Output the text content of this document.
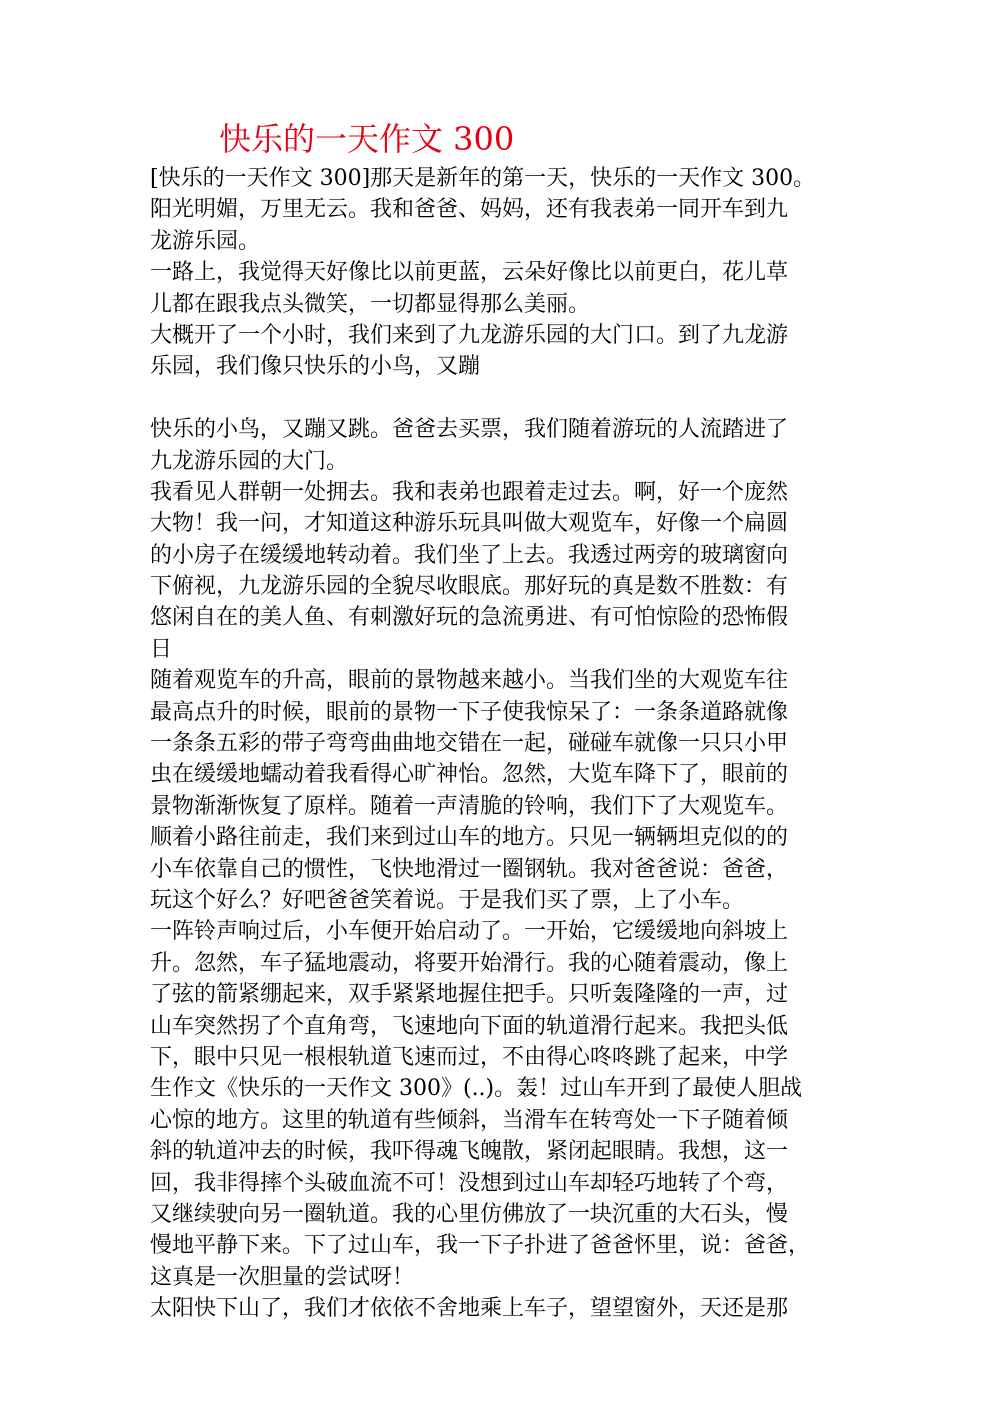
快乐的一天作文 300
[快乐的一天作文 300]那天是新年的第一天，快乐的一天作文 300。
阳光明媚，万里无云。我和爸爸、妈妈，还有我表弟一同开车到九
龙游乐园。
一路上，我觉得天好像比以前更蓝，云朵好像比以前更白，花儿草
儿都在跟我点头微笑，一切都显得那么美丽。
大概开了一个小时，我们来到了九龙游乐园的大门口。到了九龙游
乐园，我们像只快乐的小鸟，又蹦
快乐的小鸟，又蹦又跳。爸爸去买票，我们随着游玩的人流踏进了
九龙游乐园的大门。
我看见人群朝一处拥去。我和表弟也跟着走过去。啊，好一个庞然
大物！我一问，才知道这种游乐玩具叫做大观览车，好像一个扁圆
的小房子在缓缓地转动着。我们坐了上去。我透过两旁的玻璃窗向
下俯视，九龙游乐园的全貌尽收眼底。那好玩的真是数不胜数：有
悠闲自在的美人鱼、有刺激好玩的急流勇进、有可怕惊险的恐怖假
日
随着观览车的升高，眼前的景物越来越小。当我们坐的大观览车往
最高点升的时候，眼前的景物一下子使我惊呆了：一条条道路就像
一条条五彩的带子弯弯曲曲地交错在一起，碰碰车就像一只只小甲
虫在缓缓地蠕动着我看得心旷神怡。忽然，大览车降下了，眼前的
景物渐渐恢复了原样。随着一声清脆的铃响，我们下了大观览车。
顺着小路往前走，我们来到过山车的地方。只见一辆辆坦克似的的
小车依靠自己的惯性，飞快地滑过一圈钢轨。我对爸爸说：爸爸，
玩这个好么？好吧爸爸笑着说。于是我们买了票，上了小车。
一阵铃声响过后，小车便开始启动了。一开始，它缓缓地向斜坡上
升。忽然，车子猛地震动，将要开始滑行。我的心随着震动，像上
了弦的箭紧绷起来，双手紧紧地握住把手。只听轰隆隆的一声，过
山车突然拐了个直角弯，飞速地向下面的轨道滑行起来。我把头低
下，眼中只见一根根轨道飞速而过，不由得心咚咚跳了起来，中学
生作文《快乐的一天作文 300》(..)。轰！过山车开到了最使人胆战
心惊的地方。这里的轨道有些倾斜，当滑车在转弯处一下子随着倾
斜的轨道冲去的时候，我吓得魂飞魄散，紧闭起眼睛。我想，这一
回，我非得摔个头破血流不可！没想到过山车却轻巧地转了个弯，
又继续驶向另一圈轨道。我的心里仿佛放了一块沉重的大石头，慢
慢地平静下来。下了过山车，我一下子扑进了爸爸怀里，说：爸爸，
这真是一次胆量的尝试呀！
太阳快下山了，我们才依依不舍地乘上车子，望望窗外，天还是那
